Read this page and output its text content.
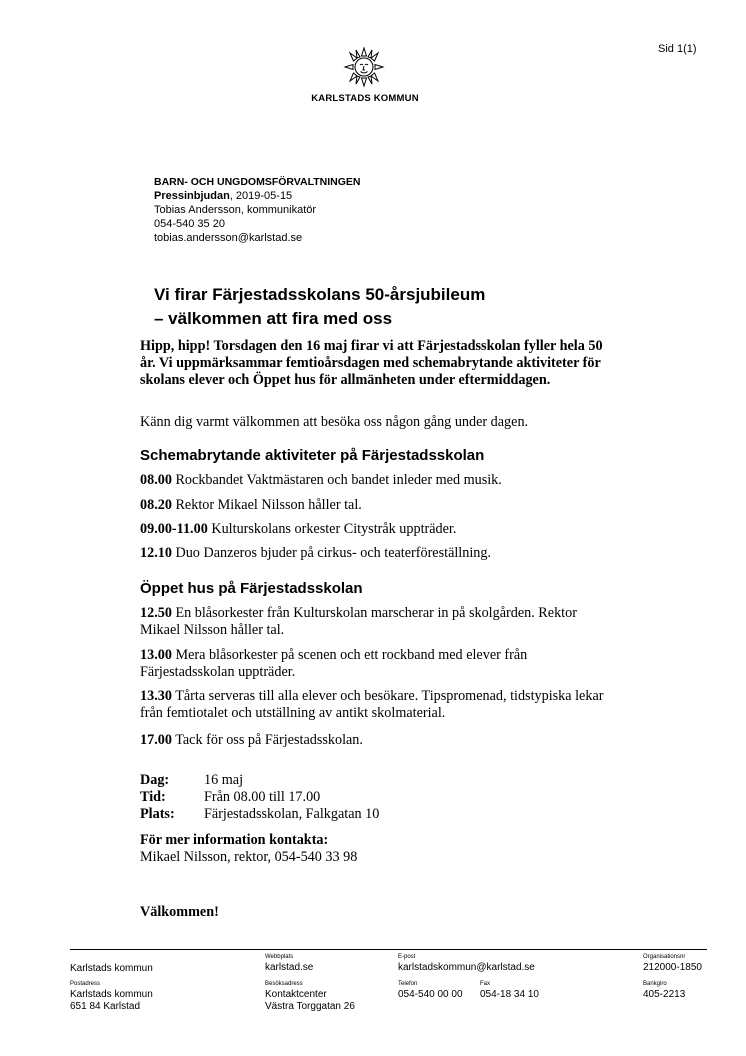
Sid 1(1)
KARLSTADS KOMMUN
BARN- OCH UNGDOMSFÖRVALTNINGEN
Pressinbjudan, 2019-05-15
Tobias Andersson, kommunikatör
054-540 35 20
tobias.andersson@karlstad.se
Vi firar Färjestadsskolans 50-årsjubileum
– välkommen att fira med oss
Hipp, hipp! Torsdagen den 16 maj firar vi att Färjestadsskolan fyller hela 50 år. Vi uppmärksammar femtioårsdagen med schemabrytande aktiviteter för skolans elever och Öppet hus för allmänheten under eftermiddagen.
Känn dig varmt välkommen att besöka oss någon gång under dagen.
Schemabrytande aktiviteter på Färjestadsskolan
08.00 Rockbandet Vaktmästaren och bandet inleder med musik.
08.20 Rektor Mikael Nilsson håller tal.
09.00-11.00 Kulturskolans orkester Citystråk uppträder.
12.10 Duo Danzeros bjuder på cirkus- och teaterföreställning.
Öppet hus på Färjestadsskolan
12.50 En blåsorkester från Kulturskolan marscherar in på skolgården. Rektor Mikael Nilsson håller tal.
13.00 Mera blåsorkester på scenen och ett rockband med elever från Färjestadsskolan uppträder.
13.30 Tårta serveras till alla elever och besökare. Tipspromenad, tidstypiska lekar från femtiotalet och utställning av antikt skolmaterial.
17.00 Tack för oss på Färjestadsskolan.
Dag: 16 maj
Tid:	Från 08.00 till 17.00
Plats: Färjestadsskolan, Falkgatan 10
För mer information kontakta:
Mikael Nilsson, rektor, 054-540 33 98
Välkommen!
Karlstads kommun
Webbplats
karlstad.se
E-post
karlstadskommun@karlstad.se
Organisationsnr
212000-1850
Postadress
Karlstads kommun
651 84 Karlstad
Besöksadress
Kontaktcenter
Västra Torggatan 26
Telefon
054-540 00 00
Fax
054-18 34 10
Bankgiro
405-2213
